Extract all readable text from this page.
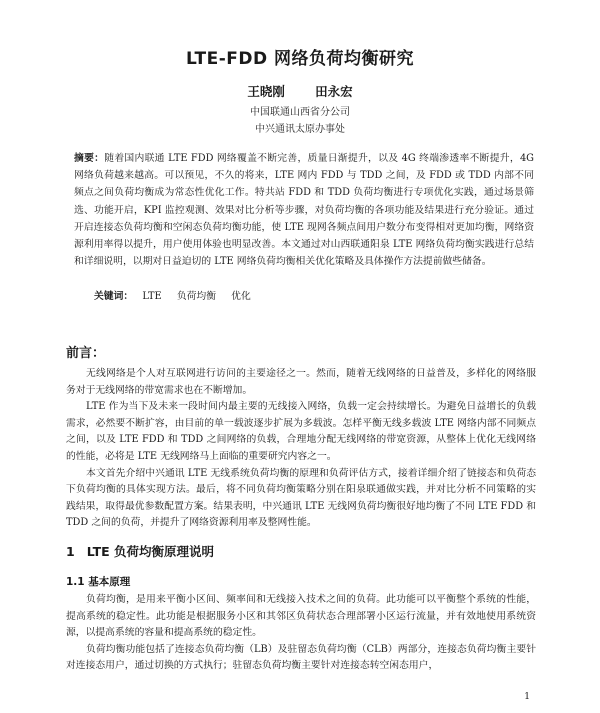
LTE-FDD 网络负荷均衡研究
王晓刚 田永宏
中国联通山西省分公司
中兴通讯太原办事处
摘要：随着国内联通 LTE FDD 网络覆盖不断完善，质量日渐提升，以及 4G 终端渗透率不断提升，4G 网络负荷越来越高。可以预见，不久的将来，LTE 网内 FDD 与 TDD 之间，及 FDD 或 TDD 内部不同频点之间负荷均衡成为常态性优化工作。特共站 FDD 和 TDD 负荷均衡进行专项优化实践，通过场景筛选、功能开启，KPI 监控观测、效果对比分析等步骤，对负荷均衡的各项功能及结果进行充分验证。通过开启连接态负荷均衡和空闲态负荷均衡功能，使 LTE 现网各频点间用户数分布变得相对更加均衡，网络资源利用率得以提升，用户使用体验也明显改善。本文通过对山西联通阳泉 LTE 网络负荷均衡实践进行总结和详细说明，以期对日益迫切的 LTE 网络负荷均衡相关优化策略及具体操作方法提前做些储备。
关键词： LTE 负荷均衡 优化
前言：

无线网络是个人对互联网进行访问的主要途径之一。然而，随着无线网络的日益普及，多样化的网络服务对于无线网络的带宽需求也在不断增加。

LTE 作为当下及未来一段时间内最主要的无线接入网络，负载一定会持续增长。为避免日益增长的负载需求，必然要不断扩容，由目前的单一载波逐步扩展为多载波。怎样平衡无线多载波 LTE 网络内部不同频点之间，以及 LTE FDD 和 TDD 之间网络的负载，合理地分配无线网络的带宽资源，从整体上优化无线网络的性能，必将是 LTE 无线网络马上面临的重要研究内容之一。

本文首先介绍中兴通讯 LTE 无线系统负荷均衡的原理和负荷评估方式，接着详细介绍了链接态和负荷态下负荷均衡的具体实现方法。最后，将不同负荷均衡策略分别在阳泉联通做实践，并对比分析不同策略的实践结果，取得最优参数配置方案。结果表明，中兴通讯 LTE 无线网负荷均衡很好地均衡了不同 LTE FDD 和 TDD 之间的负荷，并提升了网络资源利用率及整网性能。

1 LTE 负荷均衡原理说明
1.1 基本原理

负荷均衡，是用来平衡小区间、频率间和无线接入技术之间的负荷。此功能可以平衡整个系统的性能，提高系统的稳定性。此功能是根据服务小区和其邻区负荷状态合理部署小区运行流量，并有效地使用系统资源，以提高系统的容量和提高系统的稳定性。

负荷均衡功能包括了连接态负荷均衡（LB）及驻留态负荷均衡（CLB）两部分，连接态负荷均衡主要针对连接态用户，通过切换的方式执行；驻留态负荷均衡主要针对连接态转空闲态用户，

1
